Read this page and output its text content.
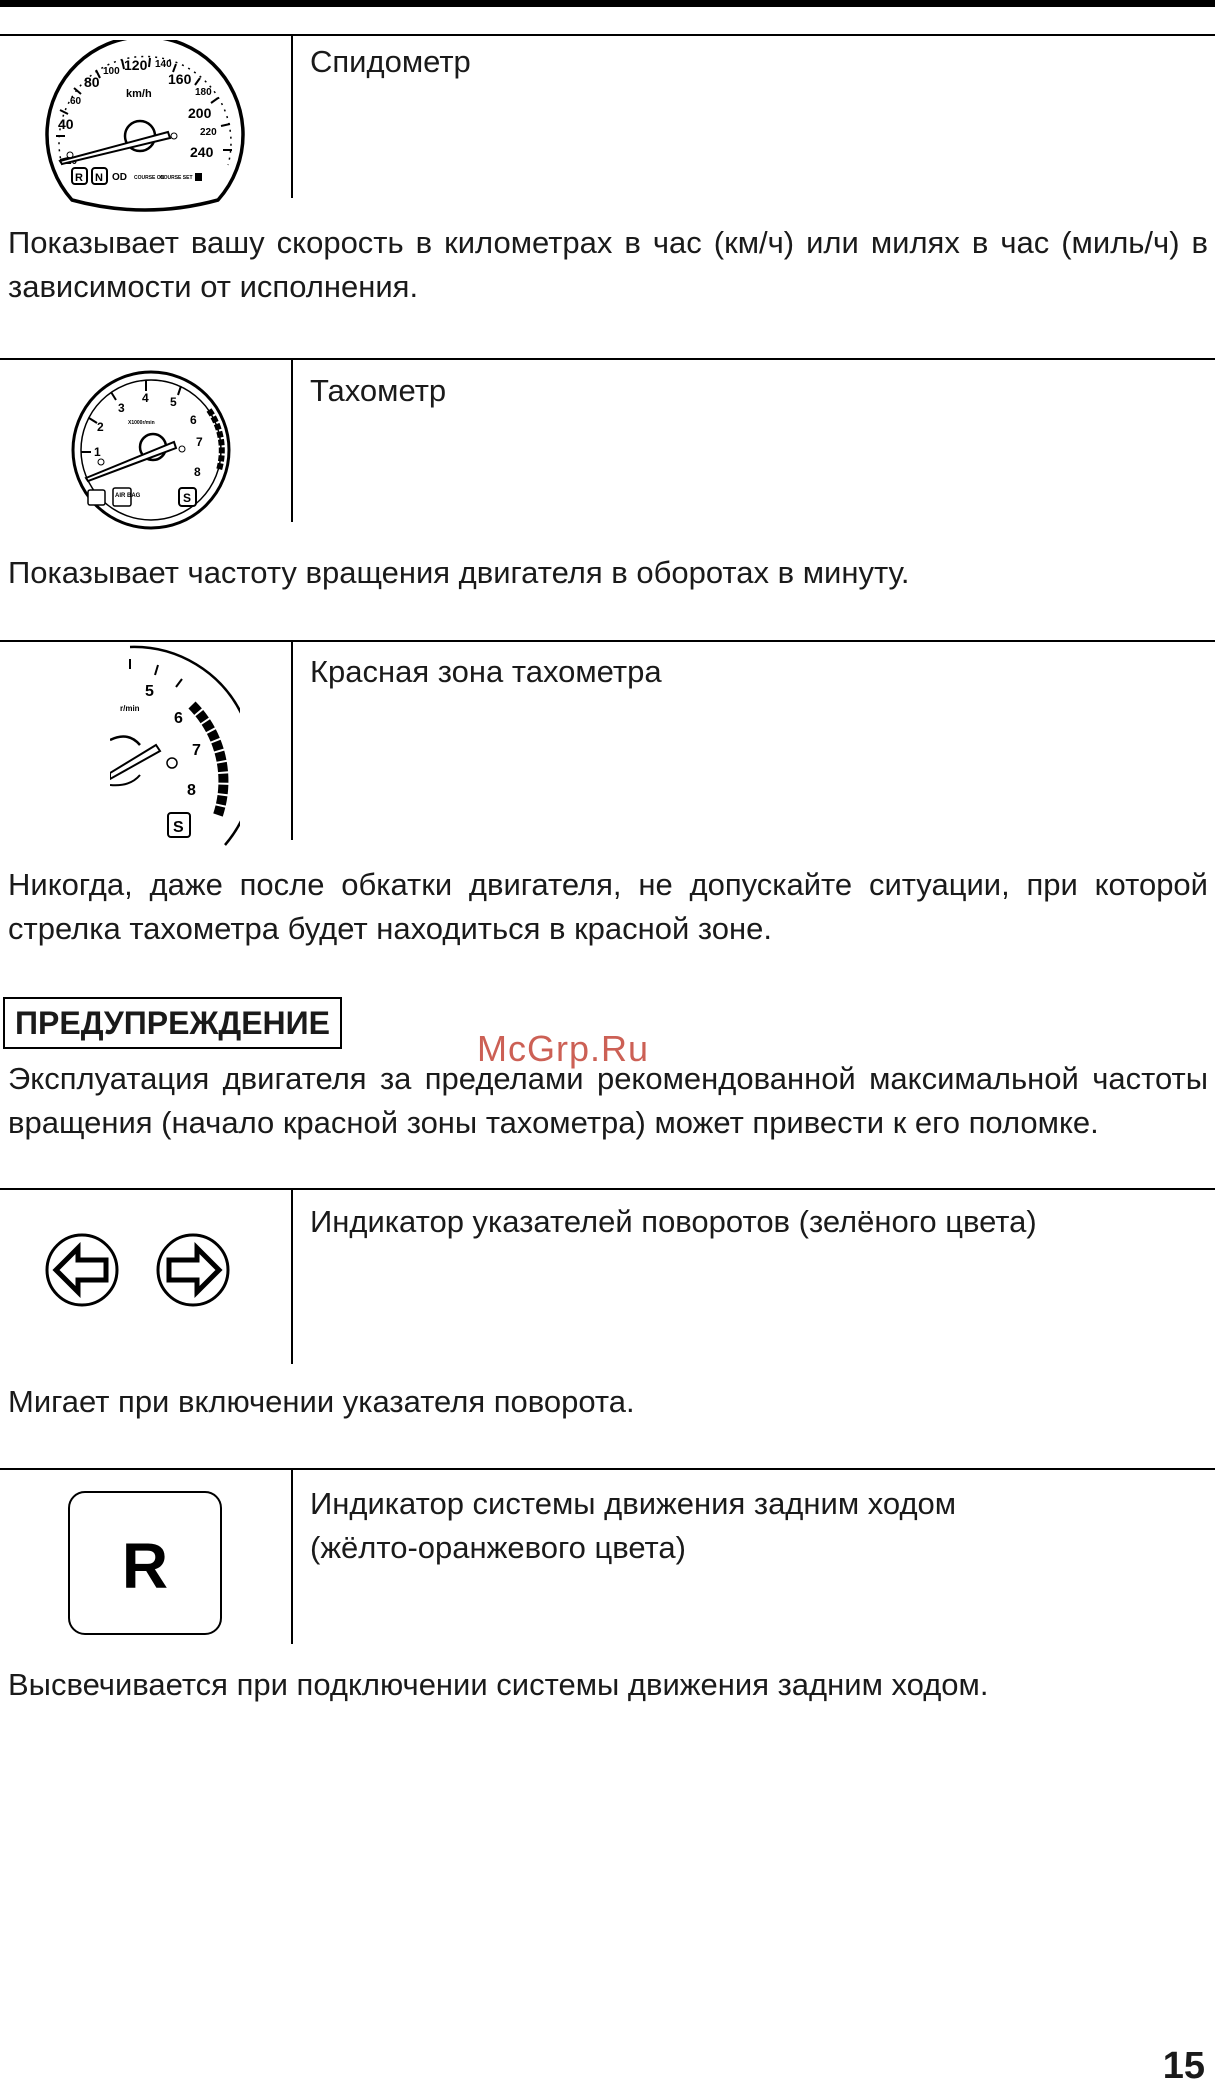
40
60
80
100 120 140
160
180
200
220
240
km/h
R N OD COURSE ON
COURSE SET
Спидометр
Показывает вашу скорость в километрах в час (км/ч) или милях в час (миль/ч) в зависимости от исполнения.
1
2
3
4 5
6
7
8
X1000r/min
AIR BAG	S
Тахометр
Показывает частоту вращения двигателя в оборотах в минуту.
5
6
7
8
r/min
S
Красная зона тахометра
Никогда, даже после обкатки двигателя, не допускайте ситуации, при которой стрелка тахометра будет находиться в красной зоне.
ПРЕДУПРЕЖДЕНИЕ
McGrp.Ru
Эксплуатация двигателя за пределами рекомендованной максимальной частоты вращения (начало красной зоны тахометра) может привести к его поломке.
Индикатор указателей поворотов (зелёного цвета)
Мигает при включении указателя поворота.
R
Индикатор системы движения задним ходом
(жёлто-оранжевого цвета)
Высвечивается при подключении системы движения задним ходом.
15
